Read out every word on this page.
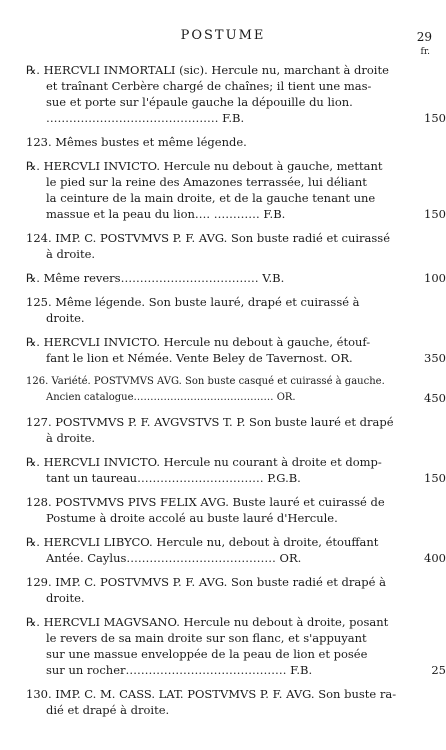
POSTUME	29
fr.
℞. HERCVLI INMORTALI (sic). Hercule nu, marchant à droite
et traînant Cerbère chargé de chaînes; il tient une mas-
sue et porte sur l'épaule gauche la dépouille du lion.
……………………………………… F.B.	150
123. Mêmes bustes et même légende.
℞. HERCVLI INVICTO. Hercule nu debout à gauche, mettant
le pied sur la reine des Amazones terrassée, lui déliant
la ceinture de la main droite, et de la gauche tenant une
massue et la peau du lion…. ………… F.B.	150
124. IMP. C. POSTVMVS P. F. AVG. Son buste radié et cuirassé
à droite.
℞. Même revers……………………………… V.B.	100
125. Même légende. Son buste lauré, drapé et cuirassé à
droite.
℞. HERCVLI INVICTO. Hercule nu debout à gauche, étouf-
fant le lion et Némée. Vente Beley de Tavernost. OR.	350
126. Variété. POSTVMVS AVG. Son buste casqué et cuirassé à gauche.
Ancien catalogue…………………………………… OR.	450
127. POSTVMVS P. F. AVGVSTVS T. P. Son buste lauré et drapé
à droite.
℞. HERCVLI INVICTO. Hercule nu courant à droite et domp-
tant un taureau…………………………… P.G.B.	150
128. POSTVMVS PIVS FELIX AVG. Buste lauré et cuirassé de
Postume à droite accolé au buste lauré d'Hercule.
℞. HERCVLI LIBYCO. Hercule nu, debout à droite, étouffant
Antée. Caylus………………………………… OR.	400
129. IMP. C. POSTVMVS P. F. AVG. Son buste radié et drapé à
droite.
℞. HERCVLI MAGVSANO. Hercule nu debout à droite, posant
le revers de sa main droite sur son flanc, et s'appuyant
sur une massue enveloppée de la peau de lion et posée
sur un rocher…………………………………… F.B.	25
130. IMP. C. M. CASS. LAT. POSTVMVS P. F. AVG. Son buste ra-
dié et drapé à droite.
